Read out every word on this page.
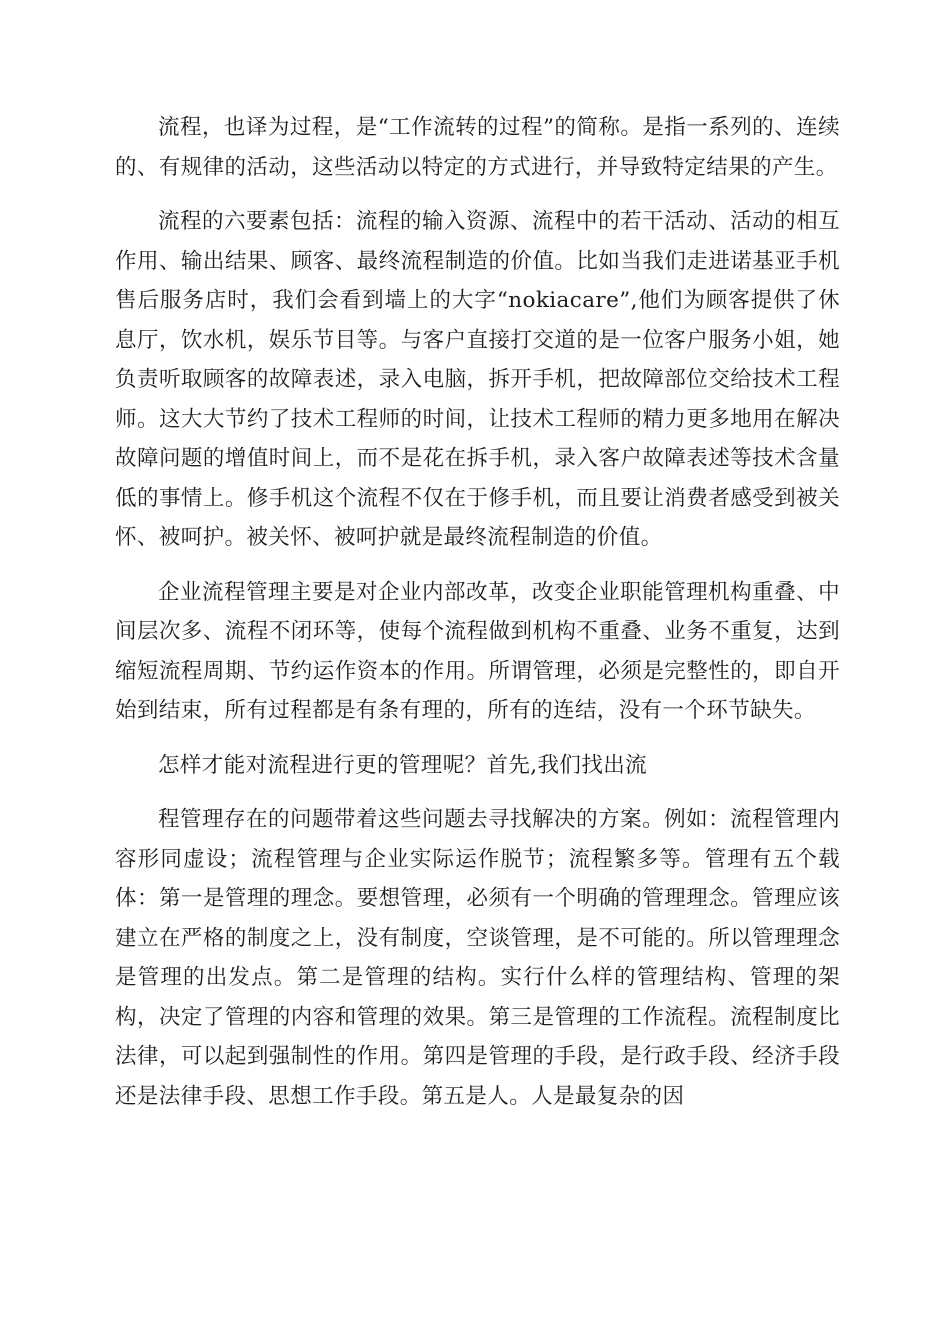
流程，也译为过程，是“工作流转的过程”的简称。是指一系列的、连续的、有规律的活动，这些活动以特定的方式进行，并导致特定结果的产生。

流程的六要素包括：流程的输入资源、流程中的若干活动、活动的相互作用、输出结果、顾客、最终流程制造的价值。比如当我们走进诺基亚手机售后服务店时，我们会看到墙上的大字“nokiacare”,他们为顾客提供了休息厅，饮水机，娱乐节目等。与客户直接打交道的是一位客户服务小姐，她负责听取顾客的故障表述，录入电脑，拆开手机，把故障部位交给技术工程师。这大大节约了技术工程师的时间，让技术工程师的精力更多地用在解决故障问题的增值时间上，而不是花在拆手机，录入客户故障表述等技术含量低的事情上。修手机这个流程不仅在于修手机，而且要让消费者感受到被关怀、被呵护。被关怀、被呵护就是最终流程制造的价值。

企业流程管理主要是对企业内部改革，改变企业职能管理机构重叠、中间层次多、流程不闭环等，使每个流程做到机构不重叠、业务不重复，达到缩短流程周期、节约运作资本的作用。所谓管理，必须是完整性的，即自开始到结束，所有过程都是有条有理的，所有的连结，没有一个环节缺失。

怎样才能对流程进行更的管理呢？首先,我们找出流

程管理存在的问题带着这些问题去寻找解决的方案。例如：流程管理内容形同虚设；流程管理与企业实际运作脱节；流程繁多等。管理有五个载体：第一是管理的理念。要想管理，必须有一个明确的管理理念。管理应该建立在严格的制度之上，没有制度，空谈管理，是不可能的。所以管理理念是管理的出发点。第二是管理的结构。实行什么样的管理结构、管理的架构，决定了管理的内容和管理的效果。第三是管理的工作流程。流程制度比法律，可以起到强制性的作用。第四是管理的手段，是行政手段、经济手段还是法律手段、思想工作手段。第五是人。人是最复杂的因
